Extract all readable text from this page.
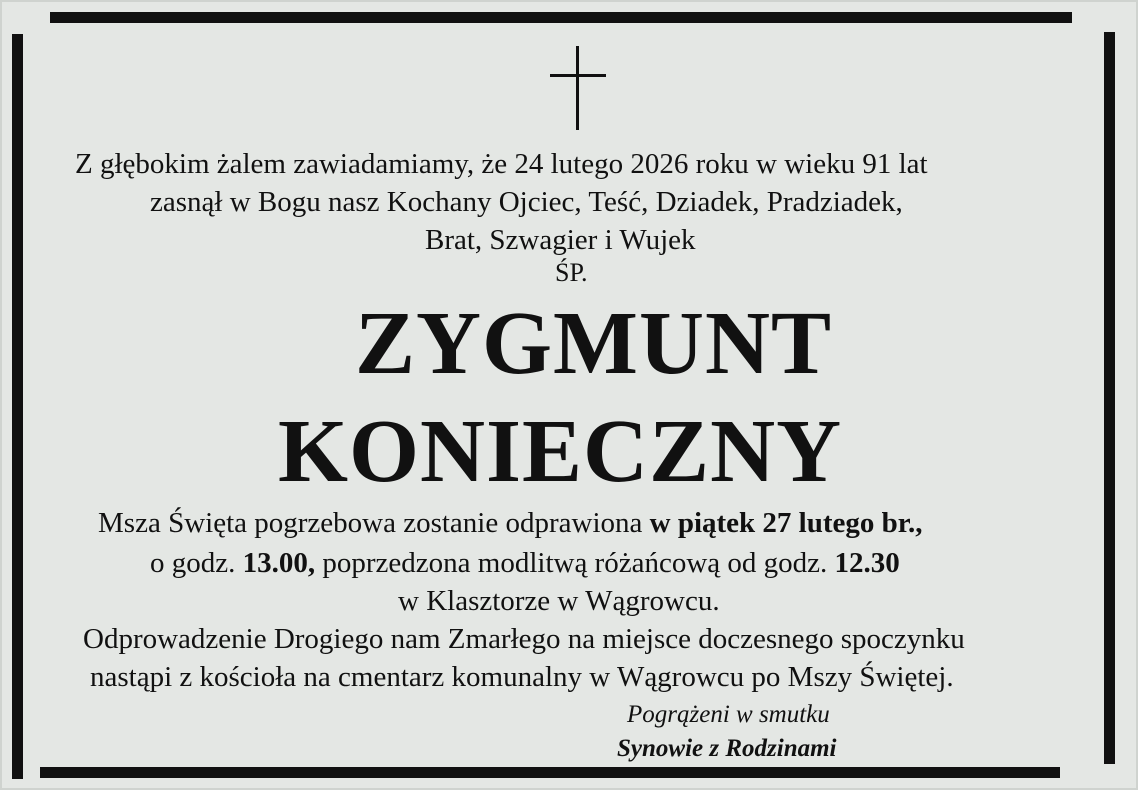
Z głębokim żalem zawiadamiamy, że 24 lutego 2026 roku w wieku 91 lat
zasnął w Bogu nasz Kochany Ojciec, Teść, Dziadek, Pradziadek,
Brat, Szwagier i Wujek
ŚP.
ZYGMUNT
KONIECZNY
Msza Święta pogrzebowa zostanie odprawiona w piątek 27 lutego br.,
o godz. 13.00, poprzedzona modlitwą różańcową od godz. 12.30
w Klasztorze w Wągrowcu.
Odprowadzenie Drogiego nam Zmarłego na miejsce doczesnego spoczynku
nastąpi z kościoła na cmentarz komunalny w Wągrowcu po Mszy Świętej.
Pogrążeni w smutku
Synowie z Rodzinami
